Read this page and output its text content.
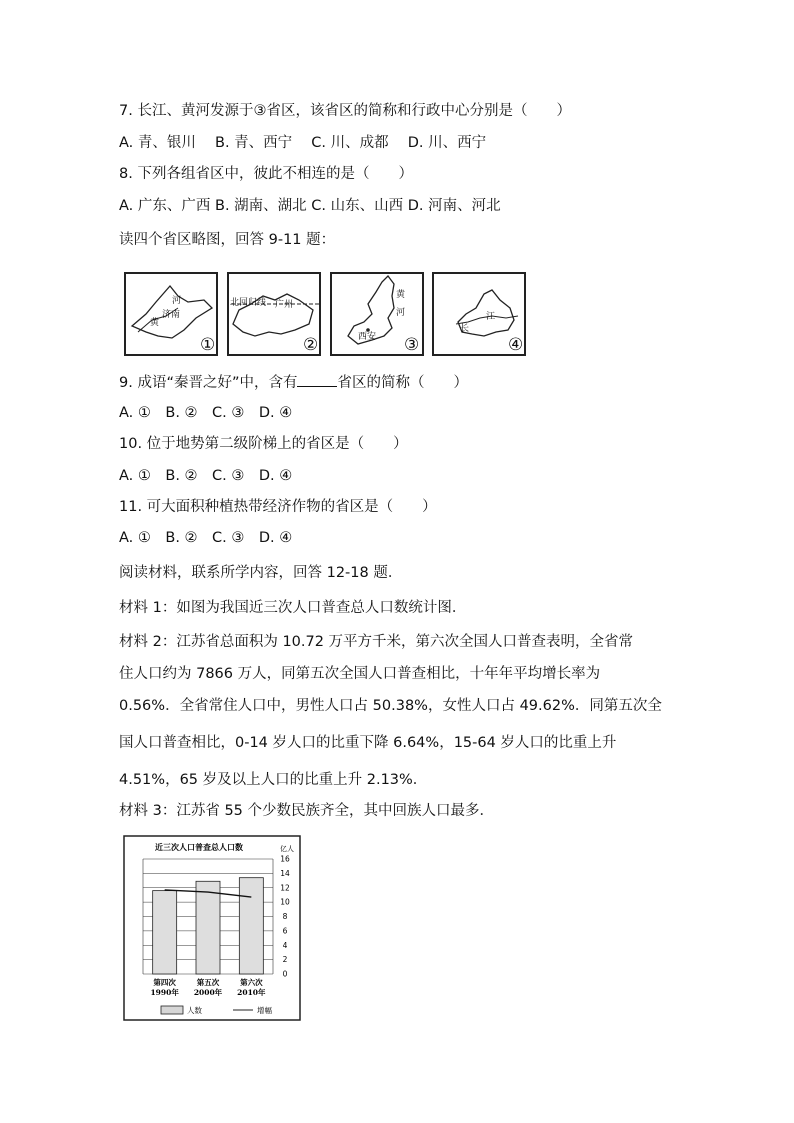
7. 长江、黄河发源于③省区，该省区的简称和行政中心分别是（　　）
A. 青、银川　 B. 青、西宁　 C. 川、成都　 D. 川、西宁
8. 下列各组省区中，彼此不相连的是（　　）
A. 广东、广西 B. 湖南、湖北 C. 山东、山西 D. 河南、河北
读四个省区略图，回答 9-11 题：
河
黄
济南
①
北回归线 广州
②
黄
河
西安 ③
长
江
④
9. 成语“秦晋之好”中，含有	省区的简称（　　）
A. ①　B. ②　C. ③　D. ④
10. 位于地势第二级阶梯上的省区是（　　）
A. ①　B. ②　C. ③　D. ④
11. 可大面积种植热带经济作物的省区是（　　）
A. ①　B. ②　C. ③　D. ④
阅读材料，联系所学内容，回答 12-18 题．
材料 1：如图为我国近三次人口普查总人口数统计图．
材料 2：江苏省总面积为 10.72 万平方千米，第六次全国人口普查表明，全省常
住人口约为 7866 万人，同第五次全国人口普查相比，十年年平均增长率为
0.56%．全省常住人口中，男性人口占 50.38%，女性人口占 49.62%．同第五次全
国人口普查相比，0-14 岁人口的比重下降 6.64%，15-64 岁人口的比重上升
4.51%，65 岁及以上人口的比重上升 2.13%．
材料 3：江苏省 55 个少数民族齐全，其中回族人口最多．
近三次人口普查总人口数	亿人
16
14
12
10
8
6
4
2
0
第四次
1990年
第五次
2000年
第六次
2010年
人数	增幅
